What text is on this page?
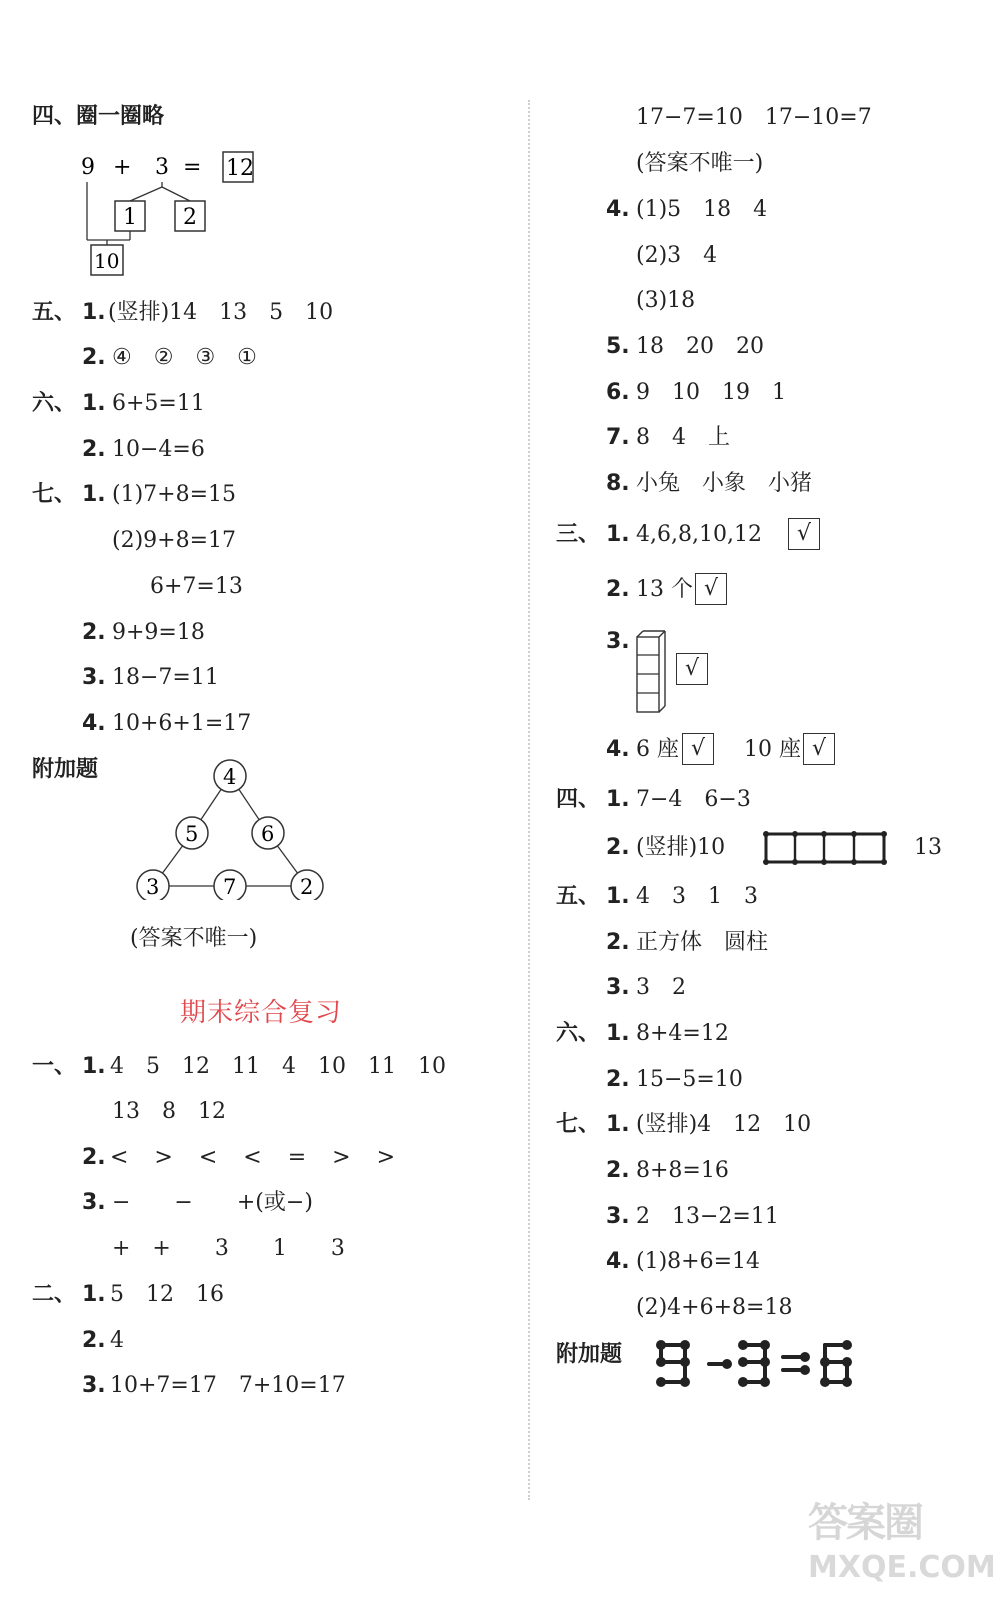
四、圈一圈略
9 + 3 = 12
1 2
10
五、 1. (竖排)14　13　5　10
2. ④　②　③　①
六、 1. 6+5=11
2. 10−4=6
七、 1. (1)7+8=15
(2)9+8=17
6+7=13
2. 9+9=18
3. 18−7=11
4. 10+6+1=17
附加题	4
5	6
3	7	2
(答案不唯一)
期末综合复习
一、 1. 4　5　12　11　4　10　11　10
13　8　12
2. <　>　<　<　=　>　>
3. −　　−　　+(或−)
+　+　　3　　1　　3
二、 1. 5　12　16
2. 4
3. 10+7=17　7+10=17
17−7=10　17−10=7
(答案不唯一)
4. (1)5　18　4
(2)3　4
(3)18
5. 18　20　20
6. 9　10　19　1
7. 8　4　上
8. 小兔　小象　小猪
三、 1. 4,6,8,10,12	√
2. 13 个 √
3.
√
4. 6 座 √	10 座 √
四、 1. 7−4　6−3
2. (竖排)10	13
五、 1. 4　3　1　3
2. 正方体　圆柱
3. 3　2
六、 1. 8+4=12
2. 15−5=10
七、 1. (竖排)4　12　10
2. 8+8=16
3. 2　13−2=11
4. (1)8+6=14
(2)4+6+8=18
附加题
答案圈
MXQE.COM
